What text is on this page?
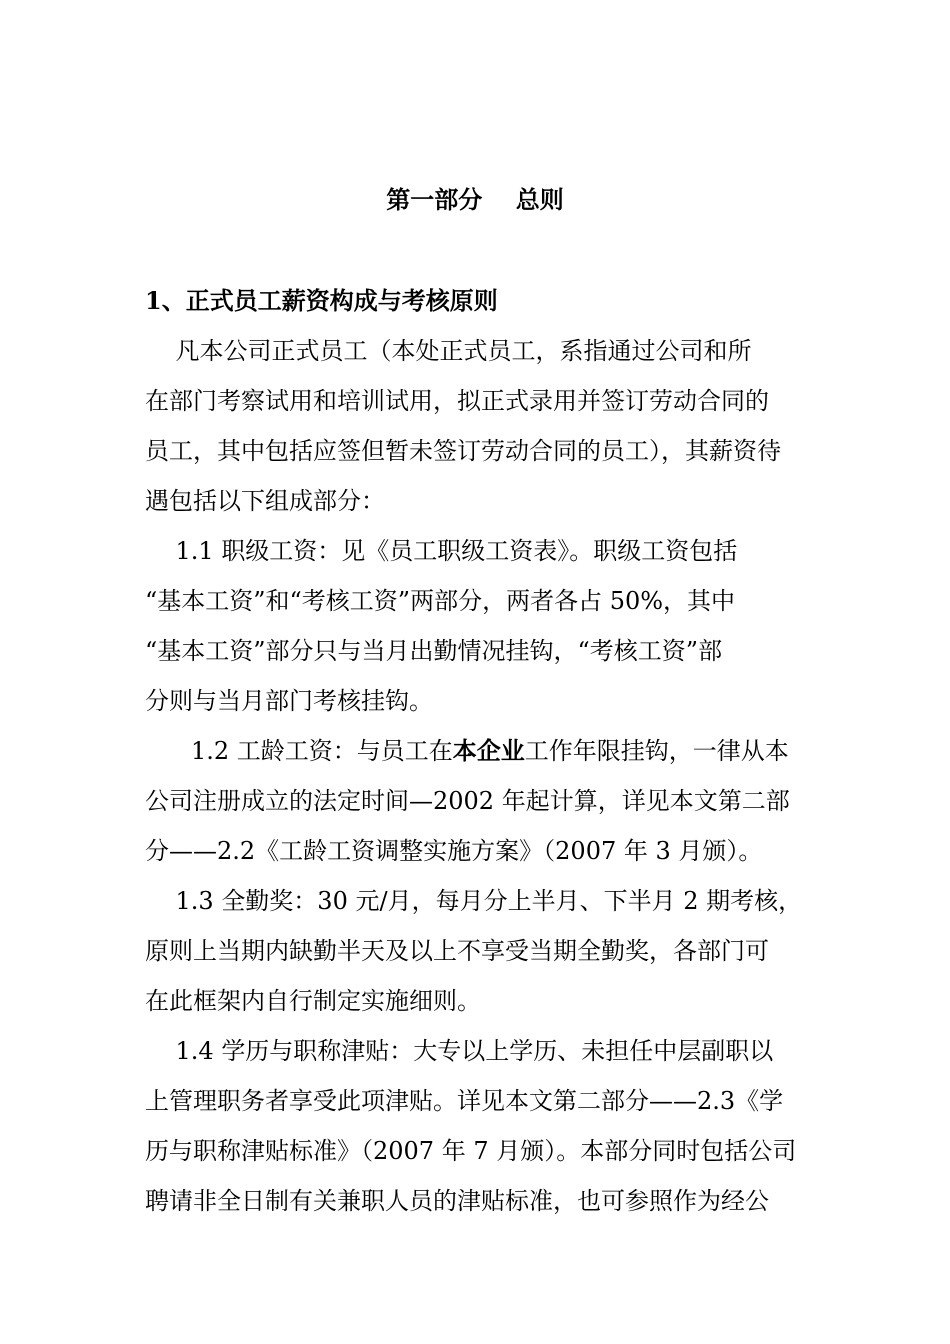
第一部分    总则
1、正式员工薪资构成与考核原则
凡本公司正式员工（本处正式员工，系指通过公司和所
在部门考察试用和培训试用，拟正式录用并签订劳动合同的
员工，其中包括应签但暂未签订劳动合同的员工），其薪资待
遇包括以下组成部分：
1.1 职级工资：见《员工职级工资表》。职级工资包括
“基本工资”和“考核工资”两部分，两者各占 50%，其中
“基本工资”部分只与当月出勤情况挂钩，“考核工资”部
分则与当月部门考核挂钩。
1.2 工龄工资：与员工在本企业工作年限挂钩，一律从本
公司注册成立的法定时间—2002 年起计算，详见本文第二部
分——2.2《工龄工资调整实施方案》（2007 年 3 月颁）。
1.3 全勤奖：30 元/月，每月分上半月、下半月 2 期考核，
原则上当期内缺勤半天及以上不享受当期全勤奖，各部门可
在此框架内自行制定实施细则。
1.4 学历与职称津贴：大专以上学历、未担任中层副职以
上管理职务者享受此项津贴。详见本文第二部分——2.3《学
历与职称津贴标准》（2007 年 7 月颁）。本部分同时包括公司
聘请非全日制有关兼职人员的津贴标准，也可参照作为经公
